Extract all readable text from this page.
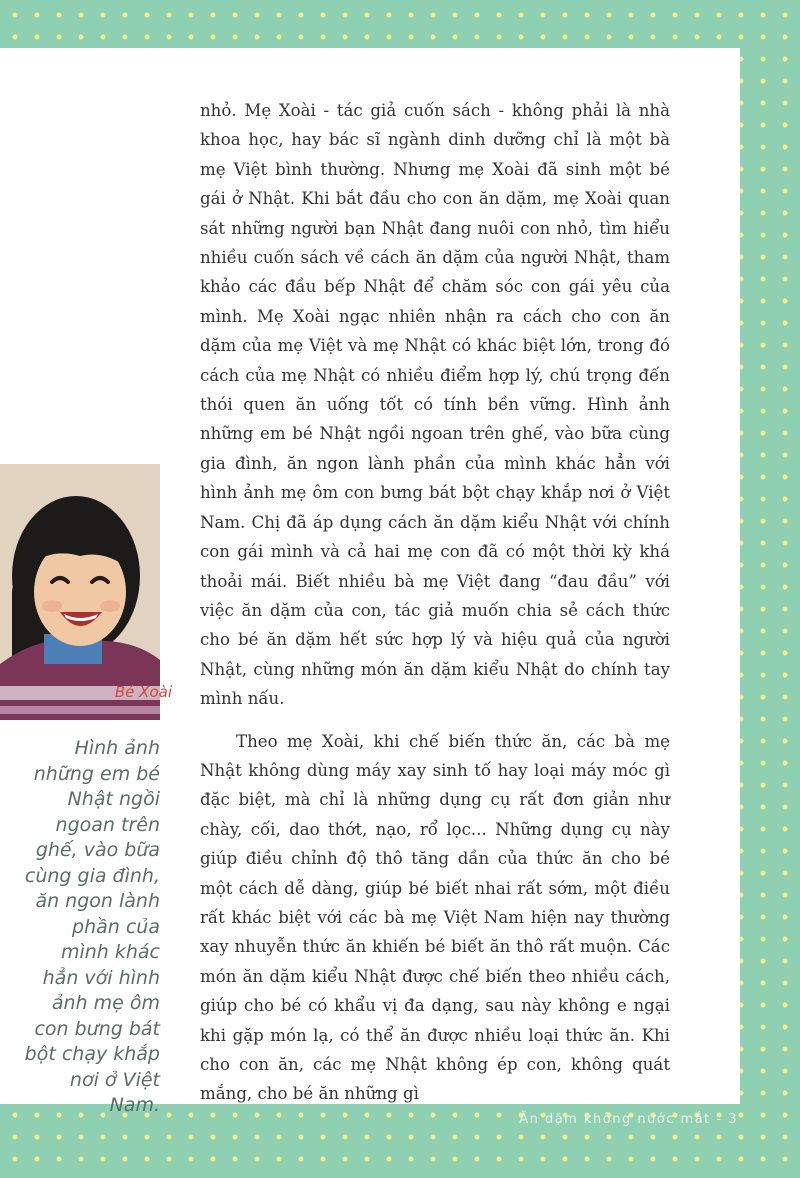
Bé Xoài
Hình ảnh những em bé Nhật ngồi ngoan trên ghế, vào bữa cùng gia đình, ăn ngon lành phần của mình khác hẳn với hình ảnh mẹ ôm con bưng bát bột chạy khắp nơi ở Việt Nam.

nhỏ. Mẹ Xoài - tác giả cuốn sách - không phải là nhà khoa học, hay bác sĩ ngành dinh dưỡng chỉ là một bà mẹ Việt bình thường. Nhưng mẹ Xoài đã sinh một bé gái ở Nhật. Khi bắt đầu cho con ăn dặm, mẹ Xoài quan sát những người bạn Nhật đang nuôi con nhỏ, tìm hiểu nhiều cuốn sách về cách ăn dặm của người Nhật, tham khảo các đầu bếp Nhật để chăm sóc con gái yêu của mình. Mẹ Xoài ngạc nhiên nhận ra cách cho con ăn dặm của mẹ Việt và mẹ Nhật có khác biệt lớn, trong đó cách của mẹ Nhật có nhiều điểm hợp lý, chú trọng đến thói quen ăn uống tốt có tính bền vững. Hình ảnh những em bé Nhật ngồi ngoan trên ghế, vào bữa cùng gia đình, ăn ngon lành phần của mình khác hẳn với hình ảnh mẹ ôm con bưng bát bột chạy khắp nơi ở Việt Nam. Chị đã áp dụng cách ăn dặm kiểu Nhật với chính con gái mình và cả hai mẹ con đã có một thời kỳ khá thoải mái. Biết nhiều bà mẹ Việt đang “đau đầu” với việc ăn dặm của con, tác giả muốn chia sẻ cách thức cho bé ăn dặm hết sức hợp lý và hiệu quả của người Nhật, cùng những món ăn dặm kiểu Nhật do chính tay mình nấu.

Theo mẹ Xoài, khi chế biến thức ăn, các bà mẹ Nhật không dùng máy xay sinh tố hay loại máy móc gì đặc biệt, mà chỉ là những dụng cụ rất đơn giản như chày, cối, dao thớt, nạo, rổ lọc... Những dụng cụ này giúp điều chỉnh độ thô tăng dần của thức ăn cho bé một cách dễ dàng, giúp bé biết nhai rất sớm, một điều rất khác biệt với các bà mẹ Việt Nam hiện nay thường xay nhuyễn thức ăn khiến bé biết ăn thô rất muộn. Các món ăn dặm kiểu Nhật được chế biến theo nhiều cách, giúp cho bé có khẩu vị đa dạng, sau này không e ngại khi gặp món lạ, có thể ăn được nhiều loại thức ăn. Khi cho con ăn, các mẹ Nhật không ép con, không quát mắng, cho bé ăn những gì

Ăn dặm không nước mắt - 3
